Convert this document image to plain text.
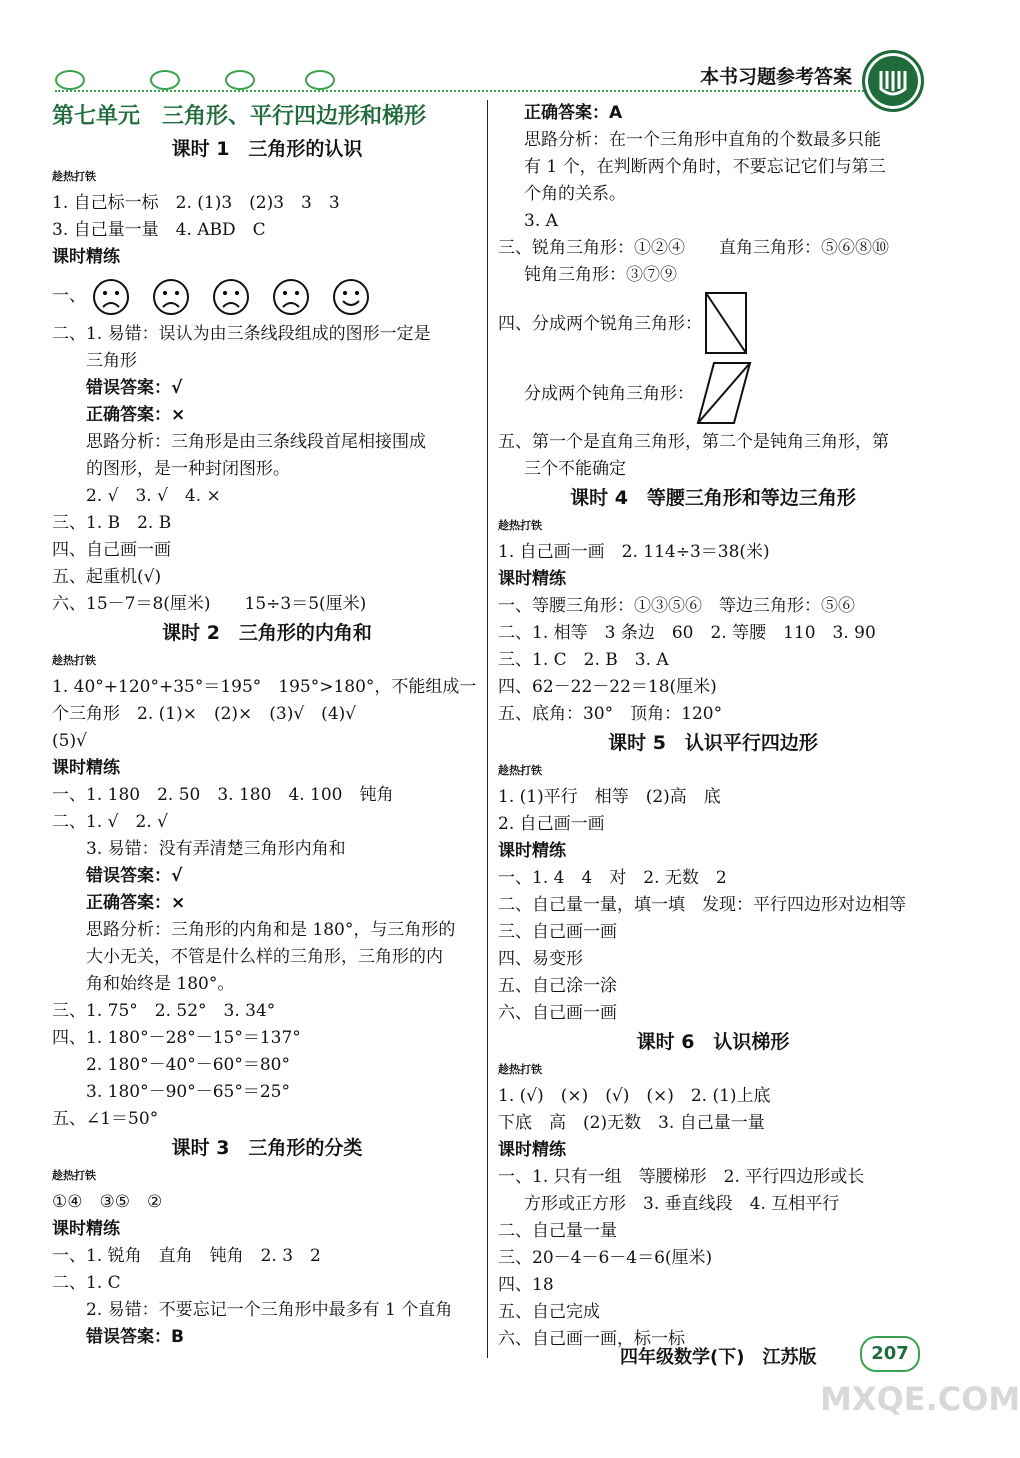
本书习题参考答案
第七单元　三角形、平行四边形和梯形
课时 1　三角形的认识
趁热打铁
1. 自己标一标　2. (1)3　(2)3　3　3
3. 自己量一量　4. ABD　C
课时精练
一、
二、1. 易错：误认为由三条线段组成的图形一定是
三角形
错误答案：√
正确答案：×
思路分析：三角形是由三条线段首尾相接围成
的图形，是一种封闭图形。
2. √　3. √　4. ×
三、1. B　2. B
四、自己画一画
五、起重机(√)
六、15－7＝8(厘米)　　15÷3＝5(厘米)
课时 2　三角形的内角和
趁热打铁
1. 40°+120°+35°＝195°　195°>180°，不能组成一
个三角形　2. (1)×　(2)×　(3)√　(4)√
(5)√
课时精练
一、1. 180　2. 50　3. 180　4. 100　钝角
二、1. √　2. √
3. 易错：没有弄清楚三角形内角和
错误答案：√
正确答案：×
思路分析：三角形的内角和是 180°，与三角形的
大小无关，不管是什么样的三角形，三角形的内
角和始终是 180°。
三、1. 75°　2. 52°　3. 34°
四、1. 180°－28°－15°＝137°
2. 180°－40°－60°＝80°
3. 180°－90°－65°＝25°
五、∠1＝50°
课时 3　三角形的分类
趁热打铁
①④　③⑤　②
课时精练
一、1. 锐角　直角　钝角　2. 3　2
二、1. C
2. 易错：不要忘记一个三角形中最多有 1 个直角
错误答案：B
正确答案：A
思路分析：在一个三角形中直角的个数最多只能
有 1 个，在判断两个角时，不要忘记它们与第三
个角的关系。
3. A
三、锐角三角形：①②④　　直角三角形：⑤⑥⑧⑩
钝角三角形：③⑦⑨
四、分成两个锐角三角形：
分成两个钝角三角形：
五、第一个是直角三角形，第二个是钝角三角形，第
三个不能确定
课时 4　等腰三角形和等边三角形
趁热打铁
1. 自己画一画　2. 114÷3＝38(米)
课时精练
一、等腰三角形：①③⑤⑥　等边三角形：⑤⑥
二、1. 相等　3 条边　60　2. 等腰　110　3. 90
三、1. C　2. B　3. A
四、62－22－22＝18(厘米)
五、底角：30°　顶角：120°
课时 5　认识平行四边形
趁热打铁
1. (1)平行　相等　(2)高　底
2. 自己画一画
课时精练
一、1. 4　4　对　2. 无数　2
二、自己量一量，填一填　发现：平行四边形对边相等
三、自己画一画
四、易变形
五、自己涂一涂
六、自己画一画
课时 6　认识梯形
趁热打铁
1. (√)　(×)　(√)　(×)　2. (1)上底
下底　高　(2)无数　3. 自己量一量
课时精练
一、1. 只有一组　等腰梯形　2. 平行四边形或长
方形或正方形　3. 垂直线段　4. 互相平行
二、自己量一量
三、20－4－6－4＝6(厘米)
四、18
五、自己完成
六、自己画一画，标一标
四年级数学(下)　江苏版	207
MXQE.COM
